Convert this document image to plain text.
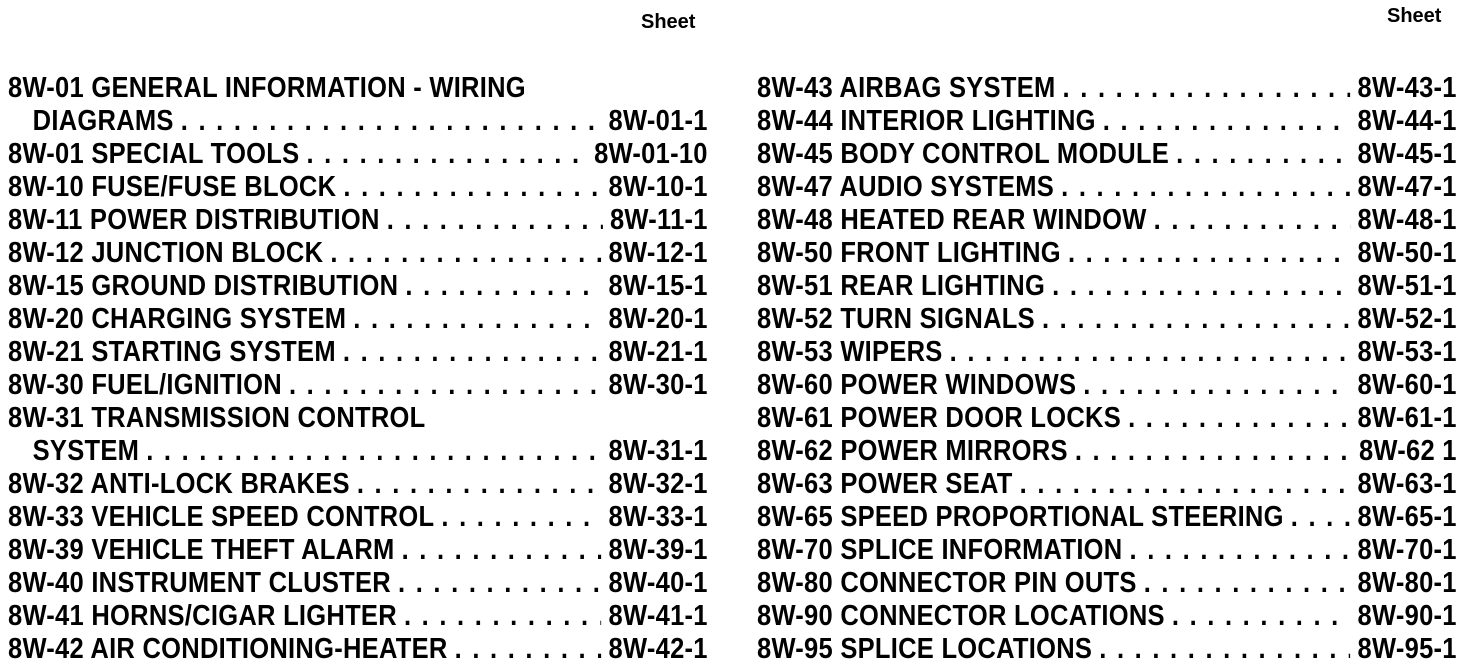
Sheet	Sheet
8W-01 GENERAL INFORMATION - WIRING
DIAGRAMS . . .	8W-01-1
8W-01 SPECIAL TOOLS . . .	8W-01-10
8W-10 FUSE/FUSE BLOCK . . .	8W-10-1
8W-11 POWER DISTRIBUTION . . .	8W-11-1
8W-12 JUNCTION BLOCK . . .	8W-12-1
8W-15 GROUND DISTRIBUTION . . .	8W-15-1
8W-20 CHARGING SYSTEM . . .	8W-20-1
8W-21 STARTING SYSTEM . . .	8W-21-1
8W-30 FUEL/IGNITION . . .	8W-30-1
8W-31 TRANSMISSION CONTROL
SYSTEM . . .	8W-31-1
8W-32 ANTI-LOCK BRAKES . . .	8W-32-1
8W-33 VEHICLE SPEED CONTROL . . .	8W-33-1
8W-39 VEHICLE THEFT ALARM . . .	8W-39-1
8W-40 INSTRUMENT CLUSTER . . .	8W-40-1
8W-41 HORNS/CIGAR LIGHTER . . .	8W-41-1
8W-42 AIR CONDITIONING-HEATER . . .	8W-42-1
8W-43 AIRBAG SYSTEM . . .	8W-43-1
8W-44 INTERIOR LIGHTING . . .	8W-44-1
8W-45 BODY CONTROL MODULE . . .	8W-45-1
8W-47 AUDIO SYSTEMS . . .	8W-47-1
8W-48 HEATED REAR WINDOW . . .	8W-48-1
8W-50 FRONT LIGHTING . . .	8W-50-1
8W-51 REAR LIGHTING . . .	8W-51-1
8W-52 TURN SIGNALS . . .	8W-52-1
8W-53 WIPERS . . .	8W-53-1
8W-60 POWER WINDOWS . . .	8W-60-1
8W-61 POWER DOOR LOCKS . . .	8W-61-1
8W-62 POWER MIRRORS . . .	8W-62 1
8W-63 POWER SEAT . . .	8W-63-1
8W-65 SPEED PROPORTIONAL STEERING . . .	8W-65-1
8W-70 SPLICE INFORMATION . . .	8W-70-1
8W-80 CONNECTOR PIN OUTS . . .	8W-80-1
8W-90 CONNECTOR LOCATIONS . . .	8W-90-1
8W-95 SPLICE LOCATIONS . . .	8W-95-1
